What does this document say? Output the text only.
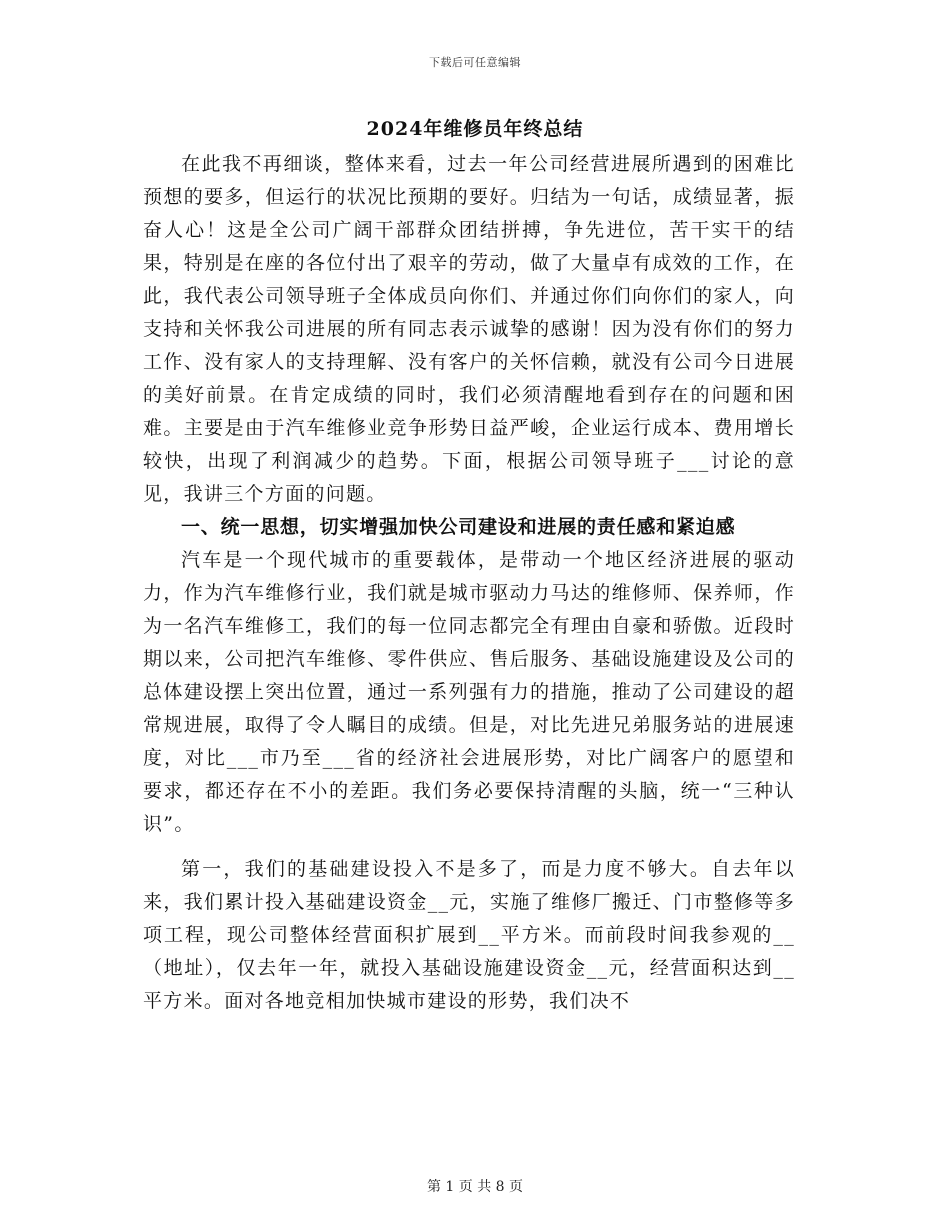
下载后可任意编辑
2024年维修员年终总结

在此我不再细谈，整体来看，过去一年公司经营进展所遇到的困难比预想的要多，但运行的状况比预期的要好。归结为一句话，成绩显著，振奋人心！这是全公司广阔干部群众团结拼搏，争先进位，苦干实干的结果，特别是在座的各位付出了艰辛的劳动，做了大量卓有成效的工作，在此，我代表公司领导班子全体成员向你们、并通过你们向你们的家人，向支持和关怀我公司进展的所有同志表示诚挚的感谢！因为没有你们的努力工作、没有家人的支持理解、没有客户的关怀信赖，就没有公司今日进展的美好前景。在肯定成绩的同时，我们必须清醒地看到存在的问题和困难。主要是由于汽车维修业竞争形势日益严峻，企业运行成本、费用增长较快，出现了利润减少的趋势。下面，根据公司领导班子___讨论的意见，我讲三个方面的问题。

一、统一思想，切实增强加快公司建设和进展的责任感和紧迫感

汽车是一个现代城市的重要载体，是带动一个地区经济进展的驱动力，作为汽车维修行业，我们就是城市驱动力马达的维修师、保养师，作为一名汽车维修工，我们的每一位同志都完全有理由自豪和骄傲。近段时期以来，公司把汽车维修、零件供应、售后服务、基础设施建设及公司的总体建设摆上突出位置，通过一系列强有力的措施，推动了公司建设的超常规进展，取得了令人瞩目的成绩。但是，对比先进兄弟服务站的进展速度，对比___市乃至___省的经济社会进展形势，对比广阔客户的愿望和要求，都还存在不小的差距。我们务必要保持清醒的头脑，统一“三种认识”。

第一，我们的基础建设投入不是多了，而是力度不够大。自去年以来，我们累计投入基础建设资金__元，实施了维修厂搬迁、门市整修等多项工程，现公司整体经营面积扩展到__平方米。而前段时间我参观的__（地址），仅去年一年，就投入基础设施建设资金__元，经营面积达到__平方米。面对各地竞相加快城市建设的形势，我们决不

第 1 页 共 8 页
